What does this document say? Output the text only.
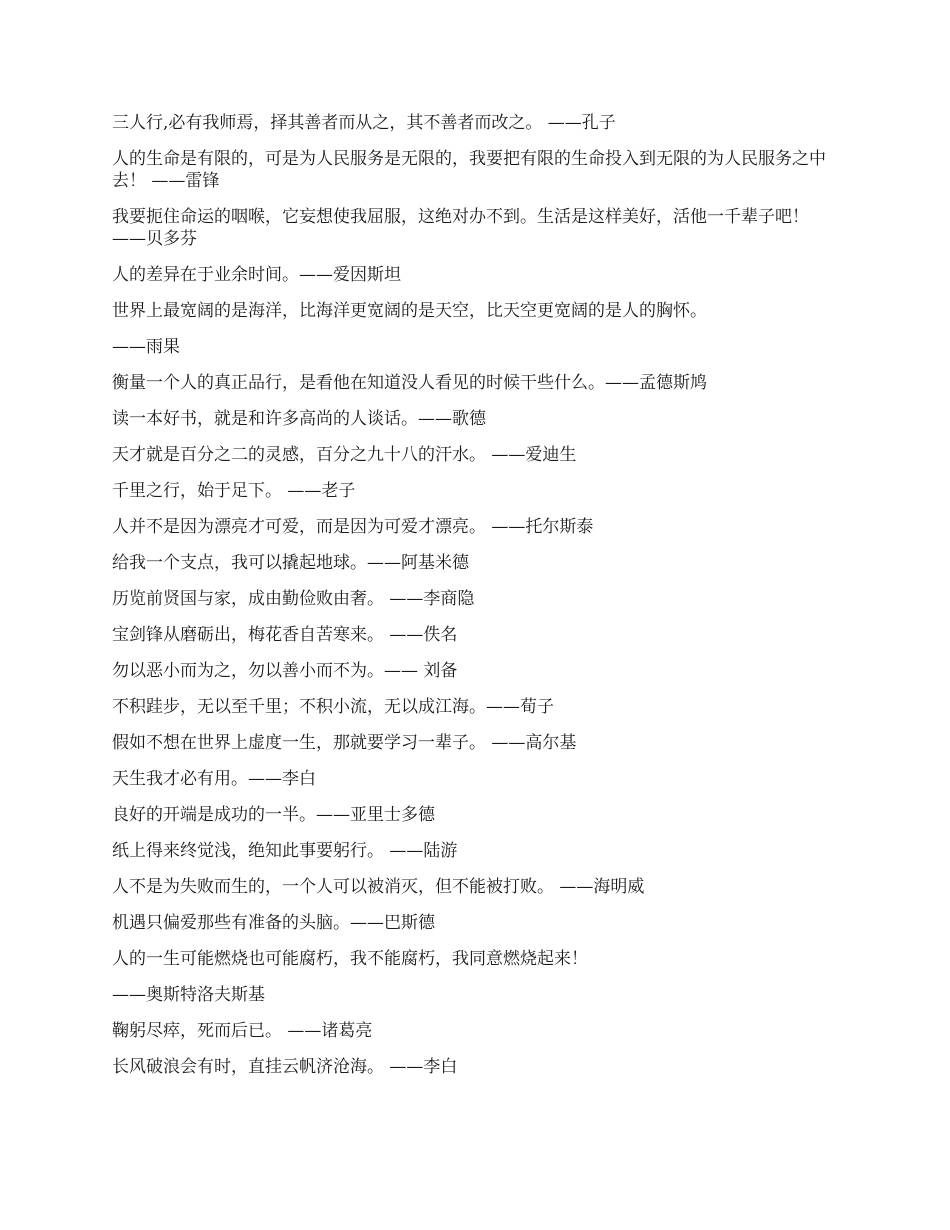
三人行,必有我师焉，择其善者而从之，其不善者而改之。 ——孔子

人的生命是有限的，可是为人民服务是无限的，我要把有限的生命投入到无限的为人民服务之中去！ ——雷锋

我要扼住命运的咽喉，它妄想使我屈服，这绝对办不到。生活是这样美好，活他一千辈子吧！ ——贝多芬

人的差异在于业余时间。——爱因斯坦

世界上最宽阔的是海洋，比海洋更宽阔的是天空，比天空更宽阔的是人的胸怀。

——雨果

衡量一个人的真正品行，是看他在知道没人看见的时候干些什么。——孟德斯鸠

读一本好书，就是和许多高尚的人谈话。——歌德

天才就是百分之二的灵感，百分之九十八的汗水。 ——爱迪生

千里之行，始于足下。 ——老子

人并不是因为漂亮才可爱，而是因为可爱才漂亮。 ——托尔斯泰

给我一个支点，我可以撬起地球。——阿基米德

历览前贤国与家，成由勤俭败由奢。 ——李商隐

宝剑锋从磨砺出，梅花香自苦寒来。 ——佚名

勿以恶小而为之，勿以善小而不为。—— 刘备

不积跬步，无以至千里；不积小流，无以成江海。——荀子

假如不想在世界上虚度一生，那就要学习一辈子。 ——高尔基

天生我才必有用。——李白

良好的开端是成功的一半。——亚里士多德

纸上得来终觉浅，绝知此事要躬行。 ——陆游

人不是为失败而生的，一个人可以被消灭，但不能被打败。 ——海明威

机遇只偏爱那些有准备的头脑。——巴斯德

人的一生可能燃烧也可能腐朽，我不能腐朽，我同意燃烧起来！

——奥斯特洛夫斯基

鞠躬尽瘁，死而后已。 ——诸葛亮

长风破浪会有时，直挂云帆济沧海。 ——李白
